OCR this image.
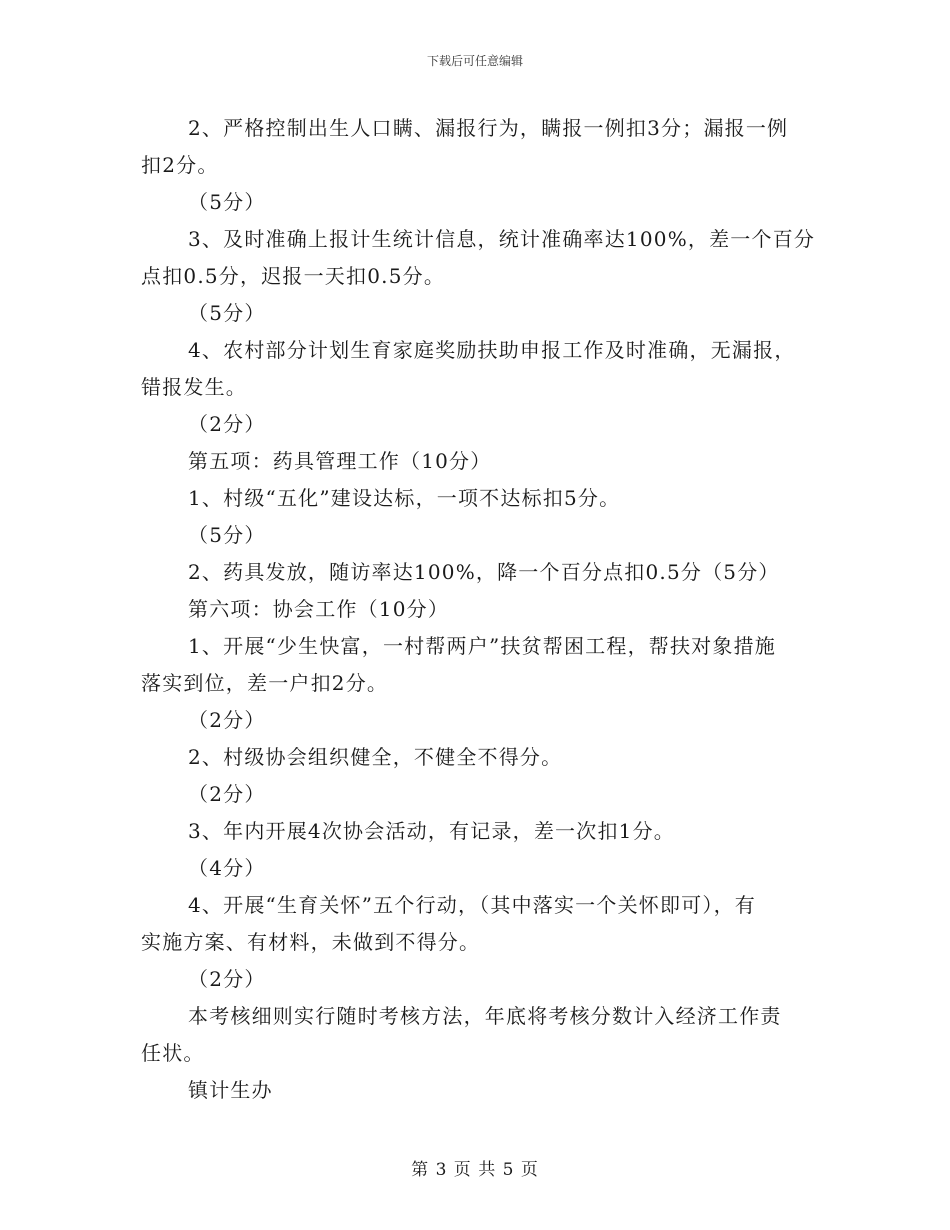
下载后可任意编辑
2、严格控制出生人口瞒、漏报行为，瞒报一例扣3分；漏报一例
扣2分。
（5分）
3、及时准确上报计生统计信息，统计准确率达100%，差一个百分
点扣0.5分，迟报一天扣0.5分。
（5分）
4、农村部分计划生育家庭奖励扶助申报工作及时准确，无漏报，
错报发生。
（2分）
第五项：药具管理工作（10分）
1、村级“五化”建设达标，一项不达标扣5分。
（5分）
2、药具发放，随访率达100%，降一个百分点扣0.5分（5分）
第六项：协会工作（10分）
1、开展“少生快富，一村帮两户”扶贫帮困工程，帮扶对象措施
落实到位，差一户扣2分。
（2分）
2、村级协会组织健全，不健全不得分。
（2分）
3、年内开展4次协会活动，有记录，差一次扣1分。
（4分）
4、开展“生育关怀”五个行动，（其中落实一个关怀即可），有
实施方案、有材料，未做到不得分。
（2分）
本考核细则实行随时考核方法，年底将考核分数计入经济工作责
任状。
镇计生办
第 3 页 共 5 页
